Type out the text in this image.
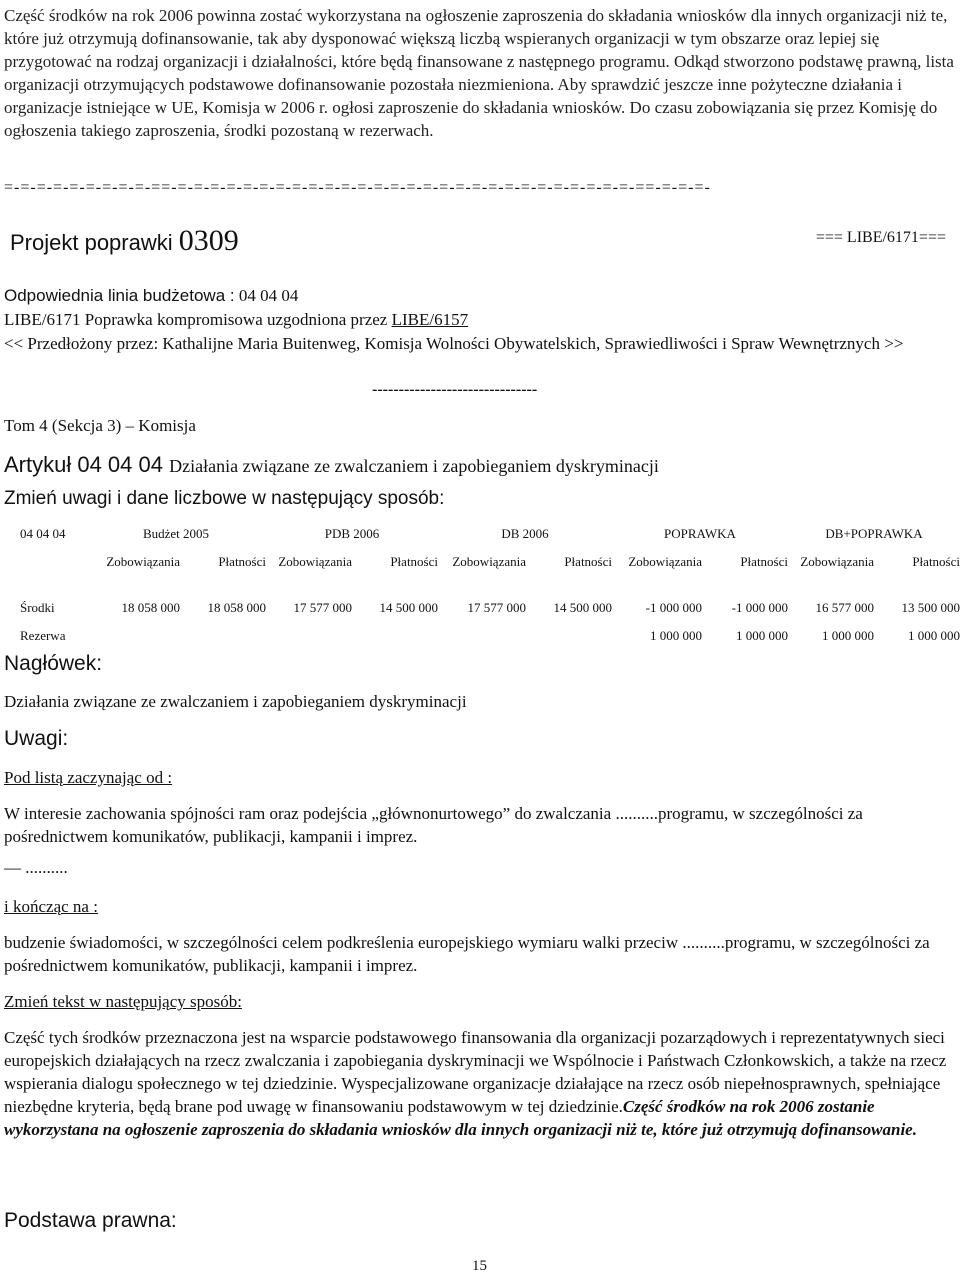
Część środków na rok 2006 powinna zostać wykorzystana na ogłoszenie zaproszenia do składania wniosków dla innych organizacji niż te, które już otrzymują dofinansowanie, tak aby dysponować większą liczbą wspieranych organizacji w tym obszarze oraz lepiej się przygotować na rodzaj organizacji i działalności, które będą finansowane z następnego programu. Odkąd stworzono podstawę prawną, lista organizacji otrzymujących podstawowe dofinansowanie pozostała niezmieniona. Aby sprawdzić jeszcze inne pożyteczne działania i organizacje istniejące w UE, Komisja w 2006 r. ogłosi zaproszenie do składania wniosków. Do czasu zobowiązania się przez Komisję do ogłoszenia takiego zaproszenia, środki pozostaną w rezerwach.

=-=-=-=-=-=-=-=-=-==-=-=-=-=-=-=-=-=-=-=-=-=-=-=-=-=-=-=-=-=-=-=-=-=-=-=-=-=-==-=-=-=-
Projekt poprawki 0309	=== LIBE/6171===
Odpowiednia linia budżetowa : 04 04 04
LIBE/6171 Poprawka kompromisowa uzgodniona przez LIBE/6157

<< Przedłożony przez: Kathalijne Maria Buitenweg, Komisja Wolności Obywatelskich, Sprawiedliwości i Spraw Wewnętrznych >>

-------------------------------

Tom 4 (Sekcja 3) – Komisja

Artykuł 04 04 04 Działania związane ze zwalczaniem i zapobieganiem dyskryminacji
Zmień uwagi i dane liczbowe w następujący sposób:
04 04 04	Budżet 2005		PDB 2006		DB 2006		POPRAWKA		DB+POPRAWKA	
	Zobowiązania	Płatności	Zobowiązania	Płatności	Zobowiązania	Płatności	Zobowiązania	Płatności	Zobowiązania	Płatności

Środki	18 058 000	18 058 000	17 577 000	14 500 000	17 577 000	14 500 000	-1 000 000	-1 000 000	16 577 000	13 500 000
Rezerwa							1 000 000	1 000 000	1 000 000	1 000 000
Nagłówek:

Działania związane ze zwalczaniem i zapobieganiem dyskryminacji

Uwagi:

Pod listą zaczynając od :

W interesie zachowania spójności ram oraz podejścia „głównonurtowego” do zwalczania ..........programu, w szczególności za pośrednictwem komunikatów, publikacji, kampanii i imprez.

— ..........

i kończąc na :

budzenie świadomości, w szczególności celem podkreślenia europejskiego wymiaru walki przeciw ..........programu, w szczególności za pośrednictwem komunikatów, publikacji, kampanii i imprez.

Zmień tekst w następujący sposób:

Część tych środków przeznaczona jest na wsparcie podstawowego finansowania dla organizacji pozarządowych i reprezentatywnych sieci europejskich działających na rzecz zwalczania i zapobiegania dyskryminacji we Wspólnocie i Państwach Członkowskich, a także na rzecz wspierania dialogu społecznego w tej dziedzinie. Wyspecjalizowane organizacje działające na rzecz osób niepełnosprawnych, spełniające niezbędne kryteria, będą brane pod uwagę w finansowaniu podstawowym w tej dziedzinie.Część środków na rok 2006 zostanie wykorzystana na ogłoszenie zaproszenia do składania wniosków dla innych organizacji niż te, które już otrzymują dofinansowanie.

Podstawa prawna:
15
